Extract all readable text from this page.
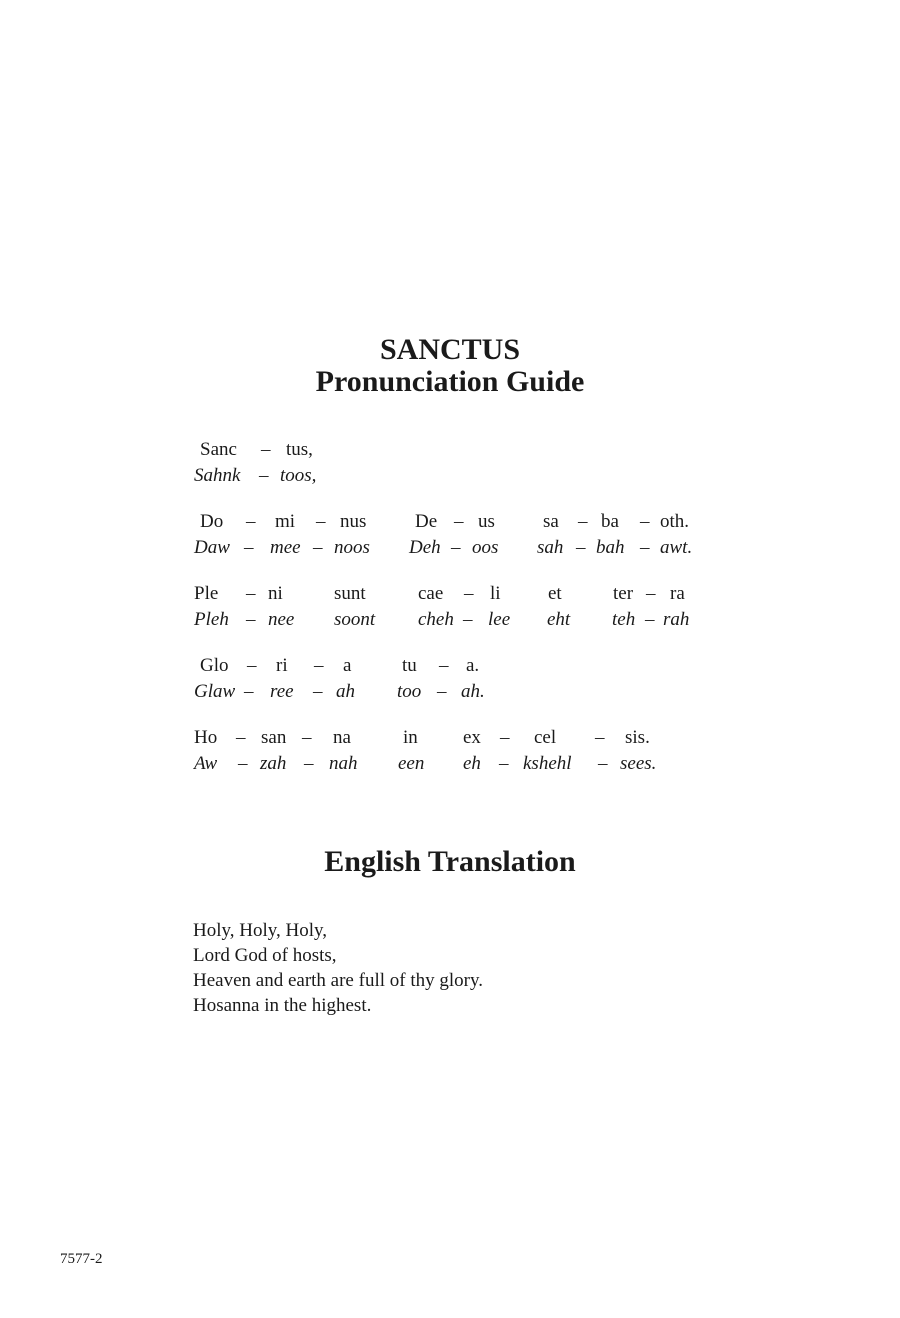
SANCTUS
Pronunciation Guide
Sanc – tus,
Sahnk – toos,
Do – mi – nus	De – us	sa – ba – oth.
Daw – mee – noos Deh – oos sah – bah – awt.
Ple – ni	sunt	cae – li et	ter – ra
Pleh – nee soont cheh – lee eht teh – rah
Glo – ri – a	tu – a.
Glaw – ree – ah too – ah.
Ho – san – na	in ex – cel – sis.
Aw – zah – nah een eh – kshehl – sees.
English Translation
Holy, Holy, Holy,
Lord God of hosts,
Heaven and earth are full of thy glory.
Hosanna in the highest.
7577-2
